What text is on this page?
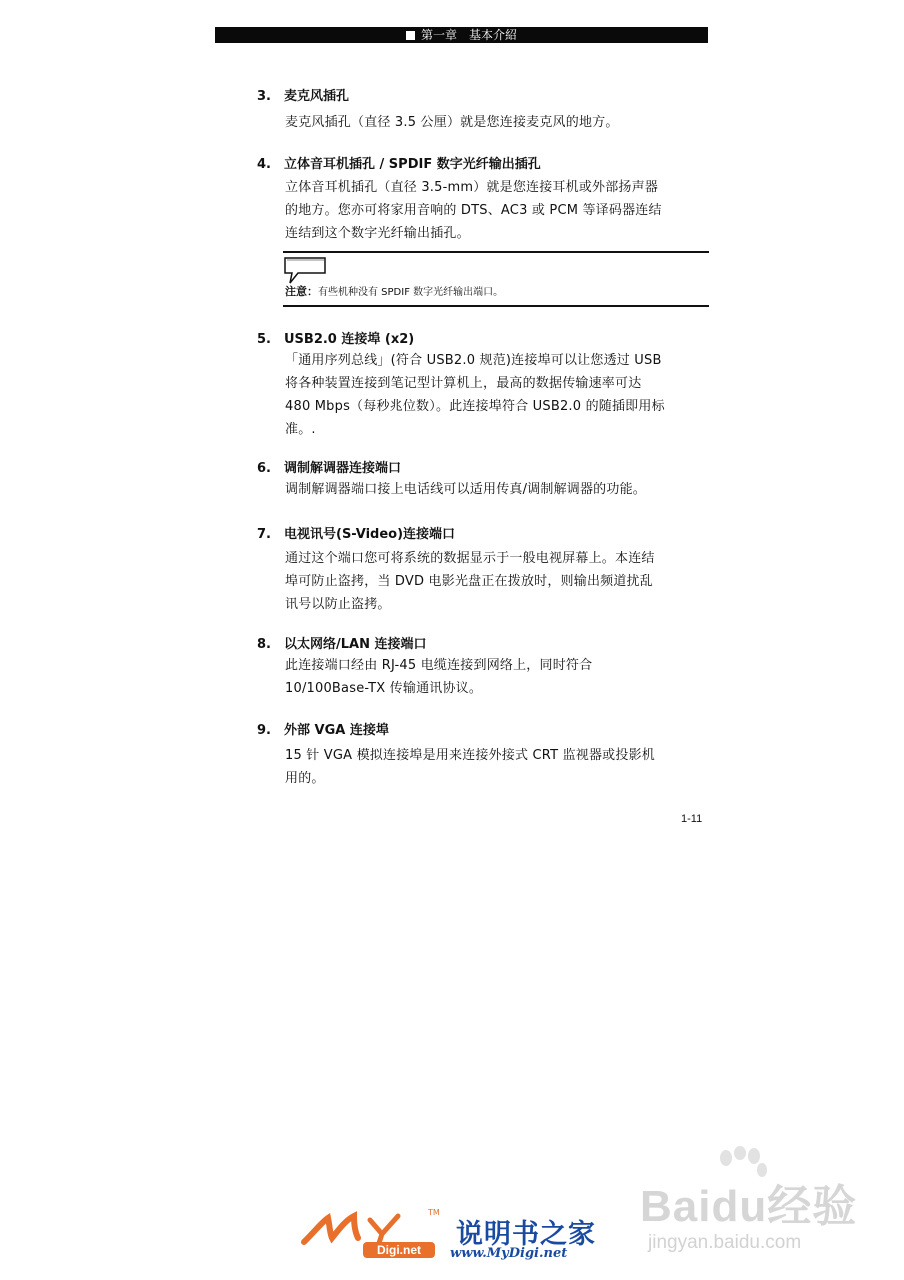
第一章　基本介紹
3. 麦克风插孔
麦克风插孔（直径 3.5 公厘）就是您连接麦克风的地方。
4. 立体音耳机插孔 / SPDIF 数字光纤输出插孔
立体音耳机插孔（直径 3.5-mm）就是您连接耳机或外部扬声器
的地方。您亦可将家用音响的 DTS、AC3 或 PCM 等译码器连结
连结到这个数字光纤输出插孔。
注意：有些机种没有 SPDIF 数字光纤输出端口。
5. USB2.0 连接埠 (x2)
「通用序列总线」(符合 USB2.0 规范)连接埠可以让您透过 USB
将各种装置连接到笔记型计算机上，最高的数据传输速率可达
480 Mbps（每秒兆位数）。此连接埠符合 USB2.0 的随插即用标
准。.
6. 调制解调器连接端口
调制解调器端口接上电话线可以适用传真/调制解调器的功能。
7. 电视讯号(S-Video)连接端口
通过这个端口您可将系统的数据显示于一般电视屏幕上。本连结
埠可防止盗拷，当 DVD 电影光盘正在拨放时，则输出频道扰乱
讯号以防止盗拷。
8. 以太网络/LAN 连接端口
此连接端口经由 RJ-45 电缆连接到网络上，同时符合
10/100Base-TX 传输通讯协议。
9. 外部 VGA 连接埠
15 针 VGA 模拟连接埠是用来连接外接式 CRT 监视器或投影机
用的。
1-11
Baidu经验
jingyan.baidu.com
TM
Digi.net	说明书之家
www.MyDigi.net
